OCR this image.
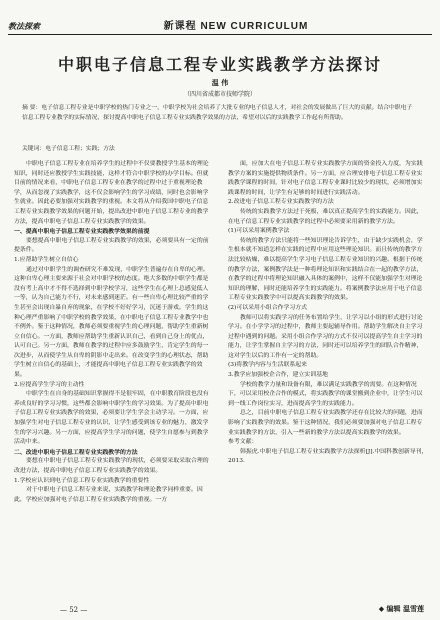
教法探索	新课程 NEW CURRICULUM
中职电子信息工程专业实践教学方法探讨
温 伟
（四川省成都市技师学院）
摘 要：电子信息工程专业是中职学校的热门专业之一，中职学校为社会培养了大批专业的电子信息人才，对社会的发展做出了巨大的贡献。结合中职电子信息工程专业教学的实际情况，探讨提高中职电子信息工程专业实践教学效果的方法，希望对以后的实践教学工作起有所帮助。
关键词：电子信息工程；实践；方法

中职电子信息工程专业在培养学生的过程中不仅要教授学生基本的理论知识，同时还应教授学生实践技能，这样才符合中职学校的办学目标。但就目前的情况来看，中职电子信息工程专业在教学的过程中过于重视理论教学，从而忽视了实践教学，这不仅会影响学生的学习成绩，同时也会影响学生就业。因此必要加强对实践教学的重视。本文将从介绍我国中职电子信息工程专业实践教学效果的问题开始，提出改进中职电子信息工程专业的教学方法，提高中职电子信息工程专业实践教学的效果。

一、提高中职电子信息工程专业实践教学效果的前提

要想提高中职电子信息工程专业实践教学的效果，必须要具有一定的前提条件。

1.应帮助学生树立自信心

通过对中职学生的调查研究不难发现，中职学生普遍存在自卑的心理。这种自卑心理主要来源于社会对中职学校的态度。绝大多数的中职学生都是没有考上高中才不得不选择到中职学校学习，这些学生在心理上总感觉低人一等，认为自己能力不行，对未来感到迷茫。有一些自卑心理比较严重的学生甚至会出现自暴自弃的现象，在学校不好好学习，沉迷于游戏。学生的这种心理严重影响了中职学校的教学效果，在中职电子信息工程专业教学中也不例外。鉴于这种情况，教师必须要重视学生的心理问题，帮助学生重新树立自信心。一方面，教师应帮助学生重新认识自己，看到自己身上的优点，认可自己。另一方面，教师在教学的过程中应多鼓励学生，肯定学生的每一次进步，从而使学生从自卑的阴影中走出来。在改变学生的心理状态，帮助学生树立自信心的基础上，才能提高中职电子信息工程专业实践教学的效果。

2.应提高学生学习的主动性

中职学生在自身的基础知识掌握得不是很牢固，在中职教育阶段也没有养成良好的学习习惯，这些都会影响中职学生的学习效果。为了提高中职电子信息工程专业实践教学的效果，必须要让学生学会主动学习。一方面，应加强学生对电子信息工程专业的认识，让学生感受到该专业的魅力，激发学生的学习兴趣。另一方面，应提高学生学习的问题，使学生自愿参与到教学活动中来。

二、改进中职电子信息工程专业实践教学的方法

要想在中职电子信息工程专业实践教学的现状，必须要采取采取合理的改进方法，提高中职电子信息工程专业实践教学的效果。

1.学校应认识到电子信息工程专业实践教学的重要性

对于中职电子信息工程专业来说，实践教学和理论教学同样重要。因此，学校应加强对电子信息工程专业实践教学的重视。一方

面，应加大在电子信息工程专业实践教学方面的资金投入力度，为实践教学方案的实施提供物质条件。另一方面，应合理安排电子信息工程专业实践教学课程的时间，针对电子信息工程专业课时比较少的现状，必须增加实践课程的时间，让学生有足够的时间进行实践活动。

2.改进电子信息工程专业实践教学的方法

传统的实践教学方法过于死板，难以真正提高学生的实践能力。因此，在电子信息工程专业实践教学的过程中必须要采用新的教学方法。

(1)可以采用案例教学法

传统的教学方法只能将一些知识理论告诉学生，由于缺少实践机会，学生根本就不知道怎样在实践的过程中应用这些理论知识。而且传统的教学方法比较枯燥，难以提高学生学习电子信息工程专业知识的兴趣。根据于传统的教学方法，案例教学法是一种将理论知识和实践结合在一起的教学方法，在教学的过程中将理论知识融入具体的案例中，这样不仅能加强学生对理论知识的理解，同时还能培养学生的实践能力。将案例教学法应用于电子信息工程专业实践教学中可以提高实践教学的效果。

(2)可以采用小组合作学习方式

教师可以将实践学习的任务布置给学生，让学习以小组的形式进行讨论学习。在小学学习的过程中，教师主要起辅导作用。帮助学生解决自主学习过程中遇到的问题。采用小组合作学习的方式不仅可以提高学生自主学习的能力，让学生掌握自主学习的方法，同时还可以培养学生的团队合作精神，这对学生以后的工作有一定的帮助。

(3)将教学内容与生活联系起来
3.教学应加强校企合作，建立实训基地

学校的教学力量和设备有限，难以满足实践教学的需要。在这种情况下，可以采用校企合作的模式，将实践教学的课堂搬到企业中，让学生可以到一线工作岗位实习，进而提高学生的实践能力。

总之，目前中职电子信息工程专业实践教学还存在比较大的问题，进而影响了实践教学的效果。鉴于这种情况，我们必须要加强对电子信息工程专业实践教学的方法，引入一些新的教学方法以提高实践教学的效果。

参考文献：

韩振虎.中职电子信息工程专业实践教学方法探析[J].中国科教创新导刊，2013.

— 52 —	◆ 编辑 温雪莲
